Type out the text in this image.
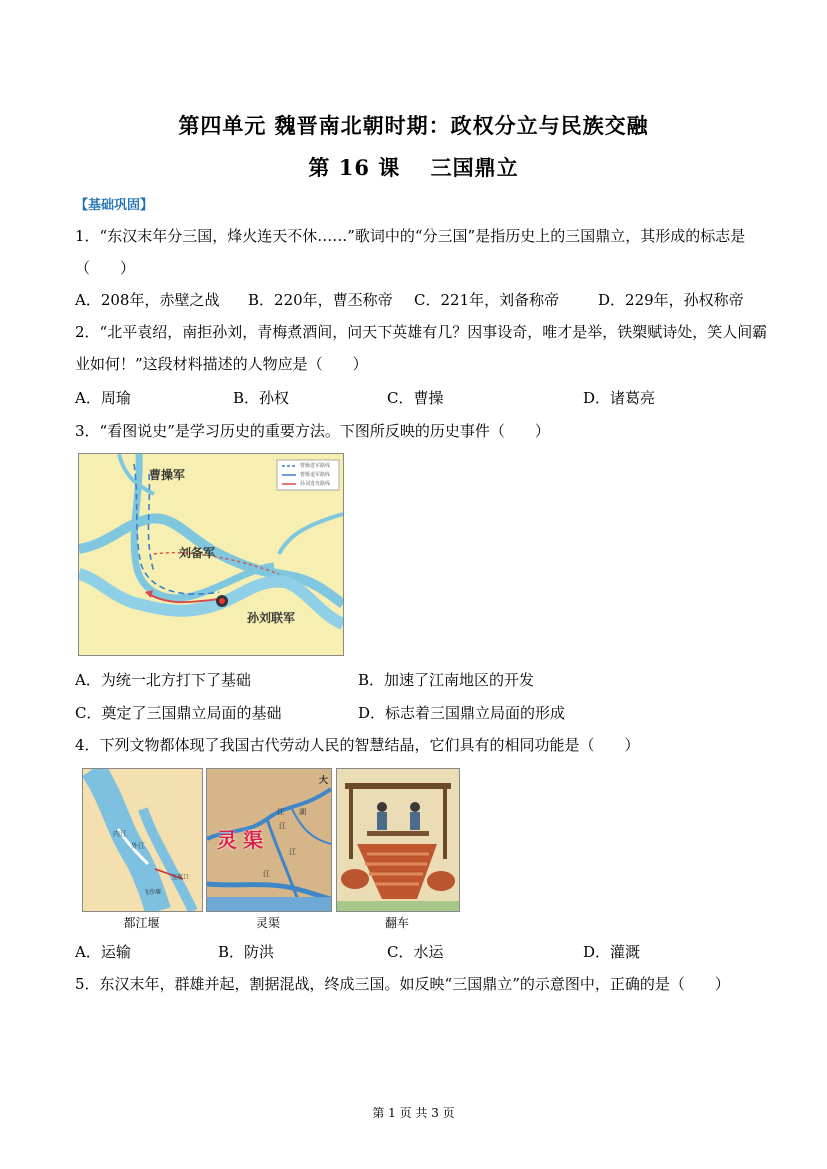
第四单元 魏晋南北朝时期：政权分立与民族交融
第 16 课　 三国鼎立
【基础巩固】
1．“东汉末年分三国，烽火连天不休……”歌词中的“分三国”是指历史上的三国鼎立，其形成的标志是
（　　）
A．208年，赤壁之战 B．220年，曹丕称帝 C．221年，刘备称帝	D．229年，孙权称帝
2．“北平袁绍，南拒孙刘，青梅煮酒间，问天下英雄有几？因事设奇，唯才是举，铁槊赋诗处，笑人间霸
业如何！”这段材料描述的人物应是（　　）
A．周瑜	B．孙权	C．曹操	D．诸葛亮
3．“看图说史”是学习历史的重要方法。下图所反映的历史事件（　　）
曹操进军路线
曹操退军路线
孙刘进攻路线
曹操军
刘备军
孙刘联军
A．为统一北方打下了基础	B．加速了江南地区的开发
C．奠定了三国鼎立局面的基础	D．标志着三国鼎立局面的形成
4．下列文物都体现了我国古代劳动人民的智慧结晶，它们具有的相同功能是（　　）
内江
外江
宝瓶口
飞沙堰
都江堰
灵 渠
江 湖
江
江
江
大
灵渠	翻车
A．运输	B．防洪	C．水运	D．灌溉
5．东汉末年，群雄并起，割据混战，终成三国。如反映“三国鼎立”的示意图中，正确的是（　　）
第 1 页 共 3 页
